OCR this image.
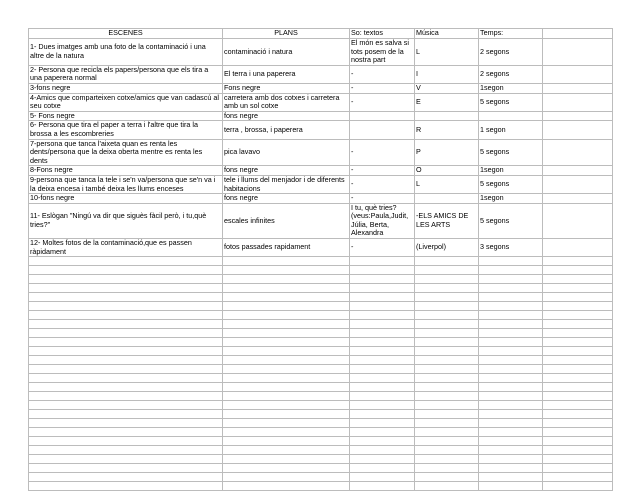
ESCENES	PLANS	So: textos	Música	Temps:	
1- Dues imatges amb una foto de la contaminació i una altre de la natura	contaminació i natura	El món es salva si tots posem de la nostra part	L	2 segons	
2- Persona que recicla els papers/persona que els tira a una paperera normal	El terra i una paperera	-	I	2 segons	
3-fons negre	Fons negre	-	V	1segon	
4-Amics que comparteixen cotxe/amics que van cadascú al seu cotxe	carretera amb dos cotxes i carretera amb un sol cotxe	-	E	5 segons	
5- Fons negre	fons negre				
6- Persona que tira el paper a terra i l'altre que tira la brossa a les escombreries	terra , brossa, i paperera		R	1 segon	
7-persona que tanca l'aixeta quan es renta les dents/persona que la deixa oberta mentre es renta les dents	pica lavavo	-	P	5 segons	
8-Fons negre	fons negre	-	O	1segon	
9-persona que tanca la tele i se'n va/persona que se'n va i la deixa encesa i també deixa les llums enceses	tele i llums del menjador i de diferents habitacions	-	L	5 segons	
10-fons negre	fons negre	-		1segon	
11- Eslògan "Ningú va dir que siguès fàcil però, i tu,què tries?"	escales infinites	I tu, què tries? (veus:Paula,Judit, Júlia, Berta, Alexandra	-ELS AMICS DE LES ARTS	5 segons	
12- Moltes fotos de la contaminació,que es passen ràpidament	fotos passades rapidament	-	(Liverpol)	3 segons	
